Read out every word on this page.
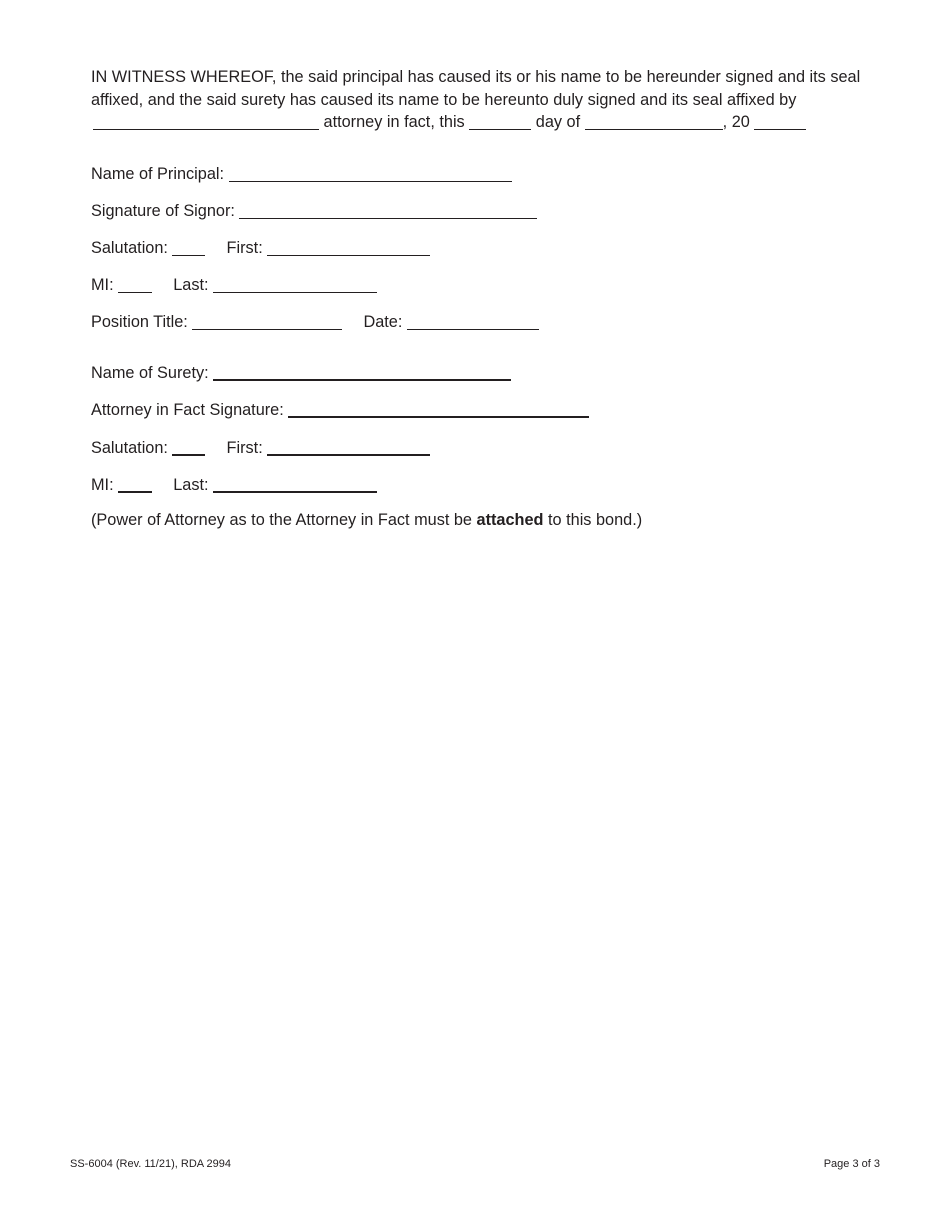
IN WITNESS WHEREOF, the said principal has caused its or his name to be hereunder signed and its seal affixed, and the said surety has caused its name to be hereunto duly signed and its seal affixed by
attorney in fact, this	day of	, 20

Name of Principal:
Signature of Signor:
Salutation:	First:
MI:	Last:
Position Title:	Date:
Name of Surety:
Attorney in Fact Signature:
Salutation:	First:
MI:	Last:
(Power of Attorney as to the Attorney in Fact must be attached to this bond.)
SS-6004 (Rev. 11/21), RDA 2994	Page 3 of 3
